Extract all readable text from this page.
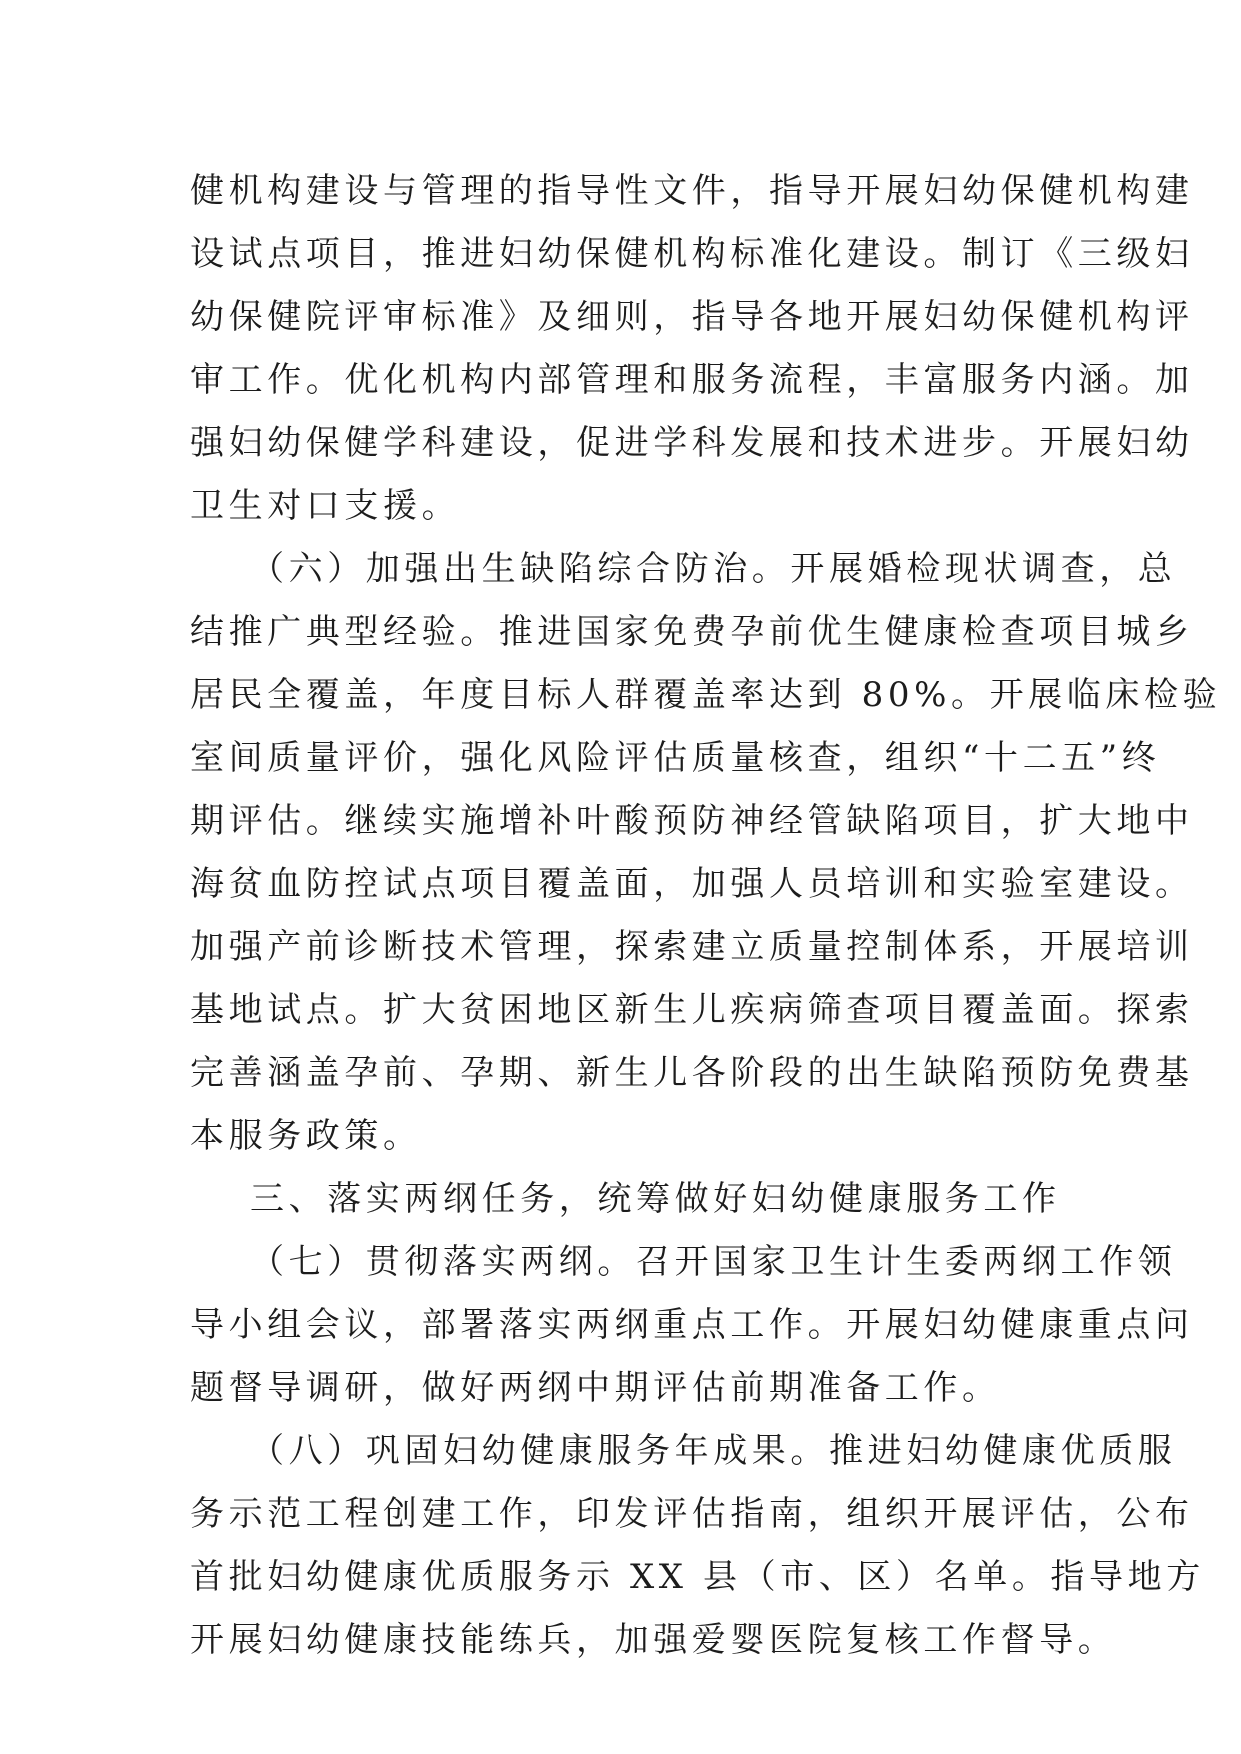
健机构建设与管理的指导性文件，指导开展妇幼保健机构建
设试点项目，推进妇幼保健机构标准化建设。制订《三级妇
幼保健院评审标准》及细则，指导各地开展妇幼保健机构评
审工作。优化机构内部管理和服务流程，丰富服务内涵。加
强妇幼保健学科建设，促进学科发展和技术进步。开展妇幼
卫生对口支援。
（六）加强出生缺陷综合防治。开展婚检现状调查，总
结推广典型经验。推进国家免费孕前优生健康检查项目城乡
居民全覆盖，年度目标人群覆盖率达到 80%。开展临床检验
室间质量评价，强化风险评估质量核查，组织“十二五”终
期评估。继续实施增补叶酸预防神经管缺陷项目，扩大地中
海贫血防控试点项目覆盖面，加强人员培训和实验室建设。
加强产前诊断技术管理，探索建立质量控制体系，开展培训
基地试点。扩大贫困地区新生儿疾病筛查项目覆盖面。探索
完善涵盖孕前、孕期、新生儿各阶段的出生缺陷预防免费基
本服务政策。
三、落实两纲任务，统筹做好妇幼健康服务工作
（七）贯彻落实两纲。召开国家卫生计生委两纲工作领
导小组会议，部署落实两纲重点工作。开展妇幼健康重点问
题督导调研，做好两纲中期评估前期准备工作。
（八）巩固妇幼健康服务年成果。推进妇幼健康优质服
务示范工程创建工作，印发评估指南，组织开展评估，公布
首批妇幼健康优质服务示 XX 县（市、区）名单。指导地方
开展妇幼健康技能练兵，加强爱婴医院复核工作督导。
